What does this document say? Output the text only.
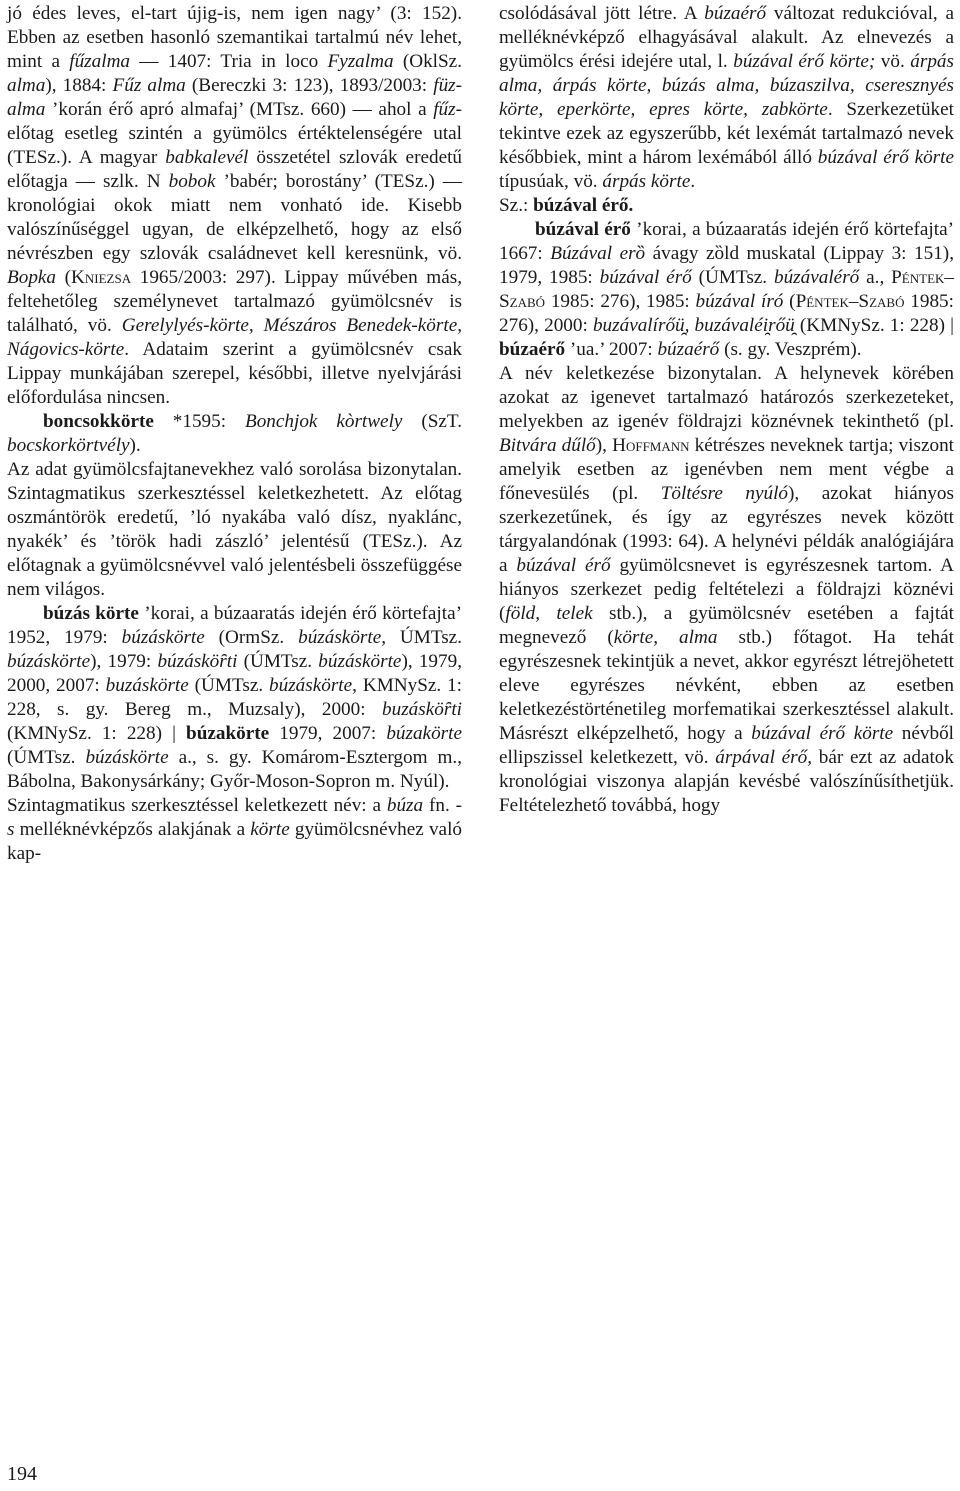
jó édes leves, el-tart újig-is, nem igen nagy’ (3: 152). Ebben az esetben hasonló szemantikai tartalmú név lehet, mint a fűzalma — 1407: Tria in loco Fyzalma (OklSz. alma), 1884: Fűz alma (Bereczki 3: 123), 1893/2003: füz-alma ’korán érő apró almafaj’ (MTsz. 660) — ahol a fűz- előtag esetleg szintén a gyümölcs értéktelenségére utal (TESz.). A magyar babkalevél összetétel szlovák eredetű előtagja — szlk. N bobok ’babér; borostány’ (TESz.) — kronológiai okok miatt nem vonható ide. Kisebb valószínűséggel ugyan, de elképzelhető, hogy az első névrészben egy szlovák családnevet kell keresnünk, vö. Bopka (Kniezsa 1965/2003: 297). Lippay művében más, feltehetőleg személynevet tartalmazó gyümölcsnév is található, vö. Gerelylyés-körte, Mészáros Benedek-körte, Nágovics-körte. Adataim szerint a gyümölcsnév csak Lippay munkájában szerepel, későbbi, illetve nyelvjárási előfordulása nincsen.

boncsokkörte *1595: Bonchjok kòrtwely (SzT. bocskorkörtvély).

Az adat gyümölcsfajtanevekhez való sorolása bizonytalan. Szintagmatikus szerkesztéssel keletkezhetett. Az előtag oszmántörök eredetű, ’ló nyakába való dísz, nyaklánc, nyakék’ és ’török hadi zászló’ jelentésű (TESz.). Az előtagnak a gyümölcsnévvel való jelentésbeli összefüggése nem világos.

búzás körte ’korai, a búzaaratás idején érő körtefajta’ 1952, 1979: búzáskörte (OrmSz. búzáskörte, ÚMTsz. búzáskörte), 1979: búzásköȓti (ÚMTsz. búzáskörte), 1979, 2000, 2007: buzáskörte (ÚMTsz. búzáskörte, KMNySz. 1: 228, s. gy. Bereg m., Muzsaly), 2000: buzásköȓti (KMNySz. 1: 228) | búzakörte 1979, 2007: búzakörte (ÚMTsz. búzáskörte a., s. gy. Komárom-Esztergom m., Bábolna, Bakonysárkány; Győr-Moson-Sopron m. Nyúl).

Szintagmatikus szerkesztéssel keletkezett név: a búza fn. -s melléknévképzős alakjának a körte gyümölcsnévhez való kap-

csolódásával jött létre. A búzaérő változat redukcióval, a melléknévképző elhagyásával alakult. Az elnevezés a gyümölcs érési idejére utal, l. búzával érő körte; vö. árpás alma, árpás körte, búzás alma, búzaszilva, cseresznyés körte, eperkörte, epres körte, zabkörte. Szerkezetüket tekintve ezek az egyszerűbb, két lexémát tartalmazó nevek későbbiek, mint a három lexémából álló búzával érő körte típusúak, vö. árpás körte.

Sz.: búzával érő.

búzával érő ’korai, a búzaaratás idején érő körtefajta’ 1667: Búzával erȍ ávagy zȍld muskatal (Lippay 3: 151), 1979, 1985: búzával érő (ÚMTsz. búzávalérő a., Péntek–Szabó 1985: 276), 1985: búzával író (Péntek–Szabó 1985: 276), 2000: buzávalírőü̯, buzávaléi̯rőü̯ (KMNySz. 1: 228) | búzaérő ’ua.’ 2007: búzaérő (s. gy. Veszprém).

A név keletkezése bizonytalan. A helynevek körében azokat az igenevet tartalmazó határozós szerkezeteket, melyekben az igenév földrajzi köznévnek tekinthető (pl. Bitvára dűlő), Hoffmann kétrészes neveknek tartja; viszont amelyik esetben az igenévben nem ment végbe a főnevesülés (pl. Töltésre nyúló), azokat hiányos szerkezetűnek, és így az egyrészes nevek között tárgyalandónak (1993: 64). A helynévi példák analógiájára a búzával érő gyümölcsnevet is egyrészesnek tartom. A hiányos szerkezet pedig feltételezi a földrajzi köznévi (föld, telek stb.), a gyümölcsnév esetében a fajtát megnevező (körte, alma stb.) főtagot. Ha tehát egyrészesnek tekintjük a nevet, akkor egyrészt létrejöhetett eleve egyrészes névként, ebben az esetben keletkezéstörténetileg morfematikai szerkesztéssel alakult. Másrészt elképzelhető, hogy a búzával érő körte névből ellipszissel keletkezett, vö. árpával érő, bár ezt az adatok kronológiai viszonya alapján kevésbé valószínűsíthetjük. Feltételezhető továbbá, hogy

194
